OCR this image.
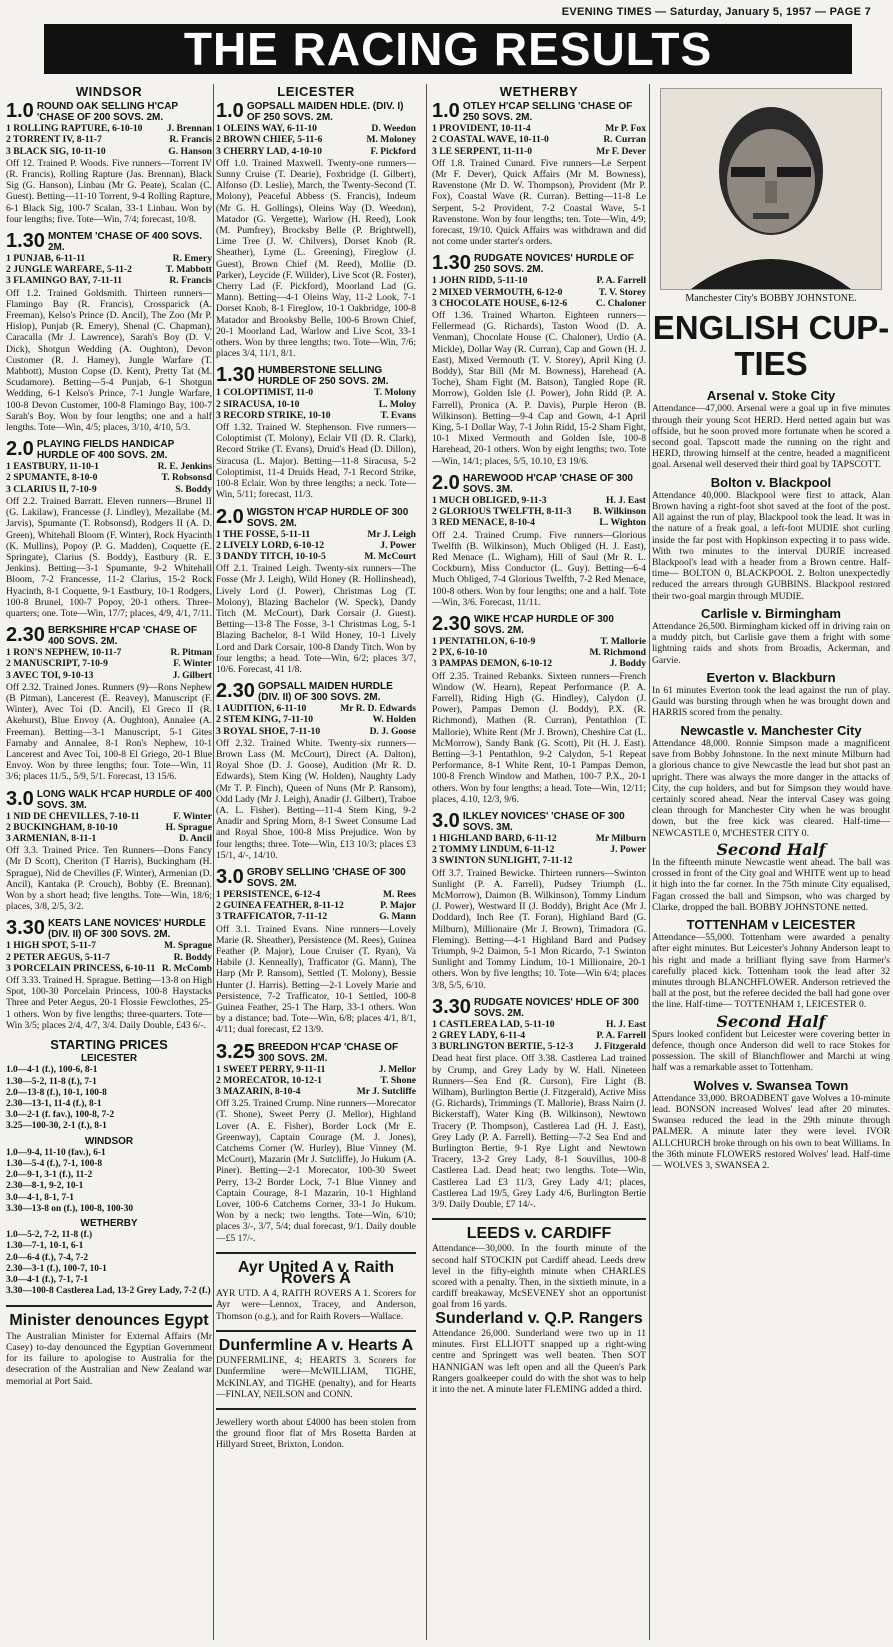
EVENING TIMES — Saturday, January 5, 1957 — PAGE 7
THE RACING RESULTS
WINDSOR
1.0 ROUND OAK SELLING H'CAP 'CHASE OF 200 SOVS. 2M.
1 ROLLING RAPTURE, 6-10-10	J. Brennan
2 TORRENT IV, 8-11-7	R. Francis
3 BLACK SIG, 10-11-10	G. Hanson
Off 12. Trained P. Woods. Five runners—Torrent IV (R. Francis), Rolling Rapture (Jas. Brennan), Black Sig (G. Hanson), Linbau (Mr G. Peate), Scalan (C. Guest). Betting—11-10 Torrent, 9-4 Rolling Rapture, 6-1 Black Sig, 100-7 Scalan, 33-1 Linbau. Won by four lengths; five. Tote—Win, 7/4; forecast, 10/8.
1.30 MONTEM 'CHASE OF 400 SOVS. 2M.
1 PUNJAB, 6-11-11	R. Emery
2 JUNGLE WARFARE, 5-11-2	T. Mabbott
3 FLAMINGO BAY, 7-11-11	R. Francis
Off 1.2. Trained Goldsmith. Thirteen runners—Flamingo Bay (R. Francis), Crossparick (A. Freeman), Kelso's Prince (D. Ancil), The Zoo (Mr P. Hislop), Punjab (R. Emery), Shenal (C. Chapman), Caracalla (Mr J. Lawrence), Sarah's Boy (D. V. Dick), Shotgun Wedding (A. Oughton), Devon Customer (R. J. Hamey), Jungle Warfare (T. Mabbott), Muston Copse (D. Kent), Pretty Tat (M. Scudamore). Betting—5-4 Punjab, 6-1 Shotgun Wedding, 6-1 Kelso's Prince, 7-1 Jungle Warfare, 100-8 Devon Customer, 100-8 Flamingo Bay, 100-7 Sarah's Boy. Won by four lengths; one and a half lengths. Tote—Win, 4/5; places, 3/10, 4/10, 5/3.
2.0 PLAYING FIELDS HANDICAP HURDLE OF 400 SOVS. 2M.
1 EASTBURY, 11-10-1	R. E. Jenkins
2 SPUMANTE, 8-10-0	T. Robsonsd
3 CLARIUS II, 7-10-9	S. Boddy
Off 2.2. Trained Barratt. Eleven runners—Brunel II (G. Lakilaw), Francesse (J. Lindley), Mezallabe (M. Jarvis), Spumante (T. Robsonsd), Rodgers II (A. D. Green), Whitehall Bloom (F. Winter), Rock Hyacinth (K. Mullins), Popoy (P. G. Madden), Coquette (E. Springate), Clarius (S. Boddy), Eastbury (R. E. Jenkins). Betting—3-1 Spumante, 9-2 Whitehall Bloom, 7-2 Francesse, 11-2 Clarius, 15-2 Rock Hyacinth, 8-1 Coquette, 9-1 Eastbury, 10-1 Rodgers, 100-8 Brunel, 100-7 Popoy, 20-1 others. Three-quarters; one. Tote—Win, 17/7; places, 4/9, 4/1, 7/11.
2.30 BERKSHIRE H'CAP 'CHASE OF 400 SOVS. 2M.
1 RON'S NEPHEW, 10-11-7	R. Pitman
2 MANUSCRIPT, 7-10-9	F. Winter
3 AVEC TOI, 9-10-13	J. Gilbert
Off 2.32. Trained Jones. Runners (9)—Rons Nephew (B Pitman), Lancerest (E. Reavey), Manuscript (F. Winter), Avec Toi (D. Ancil), El Greco II (R. Akehurst), Blue Envoy (A. Oughton), Annalee (A. Freeman). Betting—3-1 Manuscript, 5-1 Gites Farnaby and Annalee, 8-1 Ron's Nephew, 10-1 Lancerest and Avec Toi, 100-8 El Griego, 20-1 Blue Envoy. Won by three lengths; four. Tote—Win, 11 3/6; places 11/5., 5/9, 5/1. Forecast, 13 15/6.
3.0 LONG WALK H'CAP HURDLE OF 400 SOVS. 3M.
1 NID DE CHEVILLES, 7-10-11	F. Winter
2 BUCKINGHAM, 8-10-10	H. Sprague
3 ARMENIAN, 8-11-1	D. Ancil
Off 3.3. Trained Price. Ten Runners—Dons Fancy (Mr D Scott), Cheriton (T Harris), Buckingham (H. Sprague), Nid de Chevilles (F. Winter), Armenian (D. Ancil), Kantaka (P. Crouch), Bobby (E. Brennan). Won by a short head; five lengths. Tote—Win, 18/6; places, 3/8, 2/5, 3/2.
3.30 KEATS LANE NOVICES' HURDLE (DIV. II) OF 300 SOVS. 2M.
1 HIGH SPOT, 5-11-7	M. Sprague
2 PETER AEGUS, 5-11-7	R. Boddy
3 PORCELAIN PRINCESS, 6-10-11 R. McComb
Off 3.33. Trained H. Sprague. Betting—13-8 on High Spot, 100-30 Porcelain Princess, 100-8 Haystacks Three and Peter Aegus, 20-1 Flossie Fewclothes, 25-1 others. Won by five lengths; three-quarters. Tote—Win 3/5; places 2/4, 4/7, 3/4. Daily Double, £43 6/-.
STARTING PRICES
LEICESTER
1.0—4-1 (f.), 100-6, 8-1
1.30—5-2, 11-8 (f.), 7-1
2.0—13-8 (f.), 10-1, 100-8
2.30—13-1, 11-4 (f.), 8-1
3.0—2-1 (f. fav.), 100-8, 7-2
3.25—100-30, 2-1 (f.), 8-1
WINDSOR
1.0—9-4, 11-10 (fav.), 6-1
1.30—5-4 (f.), 7-1, 100-8
2.0—9-1, 3-1 (f.), 11-2
2.30—8-1, 9-2, 10-1
3.0—4-1, 8-1, 7-1
3.30—13-8 on (f.), 100-8, 100-30
WETHERBY
1.0—5-2, 7-2, 11-8 (f.)
1.30—7-1, 10-1, 6-1
2.0—6-4 (f.), 7-4, 7-2
2.30—3-1 (f.), 100-7, 10-1
3.0—4-1 (f.), 7-1, 7-1
3.30—100-8 Castlerea Lad, 13-2 Grey Lady, 7-2 (f.)
Minister denounces Egypt
The Australian Minister for External Affairs (Mr Casey) to-day denounced the Egyptian Government for its failure to apologise to Australia for the desecration of the Australian and New Zealand war memorial at Port Said.
LEICESTER
1.0 GOPSALL MAIDEN HDLE. (DIV. I) OF 250 SOVS. 2M.
1 OLEINS WAY, 6-11-10	D. Weedon
2 BROWN CHIEF, 5-11-6	M. Moloney
3 CHERRY LAD, 4-10-10	F. Pickford
Off 1.0. Trained Maxwell. Twenty-one runners—Sunny Cruise (T. Dearie), Foxbridge (I. Gilbert), Alfonso (D. Leslie), March, the Twenty-Second (T. Molony), Peaceful Abbess (S. Francis), Indeum (Mr G. H. Gollings), Oleins Way (D. Weedon), Matador (G. Vergette), Warlow (H. Reed), Look (M. Pumfrey), Brocksby Belle (P. Brightwell), Lime Tree (J. W. Chilvers), Dorset Knob (R. Sheather), Lyme (L. Greening), Fireglow (J. Guest), Brown Chief (M. Reed), Mollie (D. Parker), Leycide (F. Willder), Live Scot (R. Foster), Cherry Lad (F. Pickford), Moorland Lad (G. Mann). Betting—4-1 Oleins Way, 11-2 Look, 7-1 Dorset Knob, 8-1 Fireglow, 10-1 Oakbridge, 100-8 Matador and Brooksby Belle, 100-6 Brown Chief, 20-1 Moorland Lad, Warlow and Live Scot, 33-1 others. Won by three lengths; two. Tote—Win, 7/6; places 3/4, 11/1, 8/1.
1.30 HUMBERSTONE SELLING HURDLE OF 250 SOVS. 2M.
1 COLOPTIMIST, 11-0	T. Molony
2 SIRACUSA, 10-10	L. Moloy
3 RECORD STRIKE, 10-10	T. Evans
Off 1.32. Trained W. Stephenson. Five runners—Coloptimist (T. Molony), Eclair VII (D. R. Clark), Record Strike (T. Evans), Druid's Head (D. Dillon), Siracusa (L. Major). Betting—11-8 Siracusa, 5-2 Coloptimist, 11-4 Druids Head, 7-1 Record Strike, 100-8 Eclair. Won by three lengths; a neck. Tote—Win, 5/11; forecast, 11/3.
2.0 WIGSTON H'CAP HURDLE OF 300 SOVS. 2M.
1 THE FOSSE, 5-11-11	Mr J. Leigh
2 LIVELY LORD, 6-10-12	J. Power
3 DANDY TITCH, 10-10-5	M. McCourt
Off 2.1. Trained Leigh. Twenty-six runners—The Fosse (Mr J. Leigh), Wild Honey (R. Hollinshead), Lively Lord (J. Power), Christmas Log (T. Molony), Blazing Bachelor (W. Speck), Dandy Titch (M. McCourt), Dark Corsair (J. Guest). Betting—13-8 The Fosse, 3-1 Christmas Log, 5-1 Blazing Bachelor, 8-1 Wild Honey, 10-1 Lively Lord and Dark Corsair, 100-8 Dandy Titch. Won by four lengths; a head. Tote—Win, 6/2; places 3/7, 10/6. Forecast, 41 1/8.
2.30 GOPSALL MAIDEN HURDLE (DIV. II) OF 300 SOVS. 2M.
1 AUDITION, 6-11-10	Mr R. D. Edwards
2 STEM KING, 7-11-10	W. Holden
3 ROYAL SHOE, 7-11-10	D. J. Goose
Off 2.32. Trained White. Twenty-six runners—Brown Lass (M. McCourt), Direct (A. Dalton), Royal Shoe (D. J. Goose), Audition (Mr R. D. Edwards), Stem King (W. Holden), Naughty Lady (Mr T. P. Finch), Queen of Nuns (Mr P. Ransom), Odd Lady (Mr J. Leigh), Anadir (J. Gilbert), Traboe (A. L. Fisher). Betting—11-4 Stem King, 9-2 Anadir and Spring Morn, 8-1 Sweet Consume Lad and Royal Shoe, 100-8 Miss Prejudice. Won by four lengths; three. Tote—Win, £13 10/3; places £3 15/1, 4/-, 14/10.
3.0 GROBY SELLING 'CHASE OF 300 SOVS. 2M.
1 PERSISTENCE, 6-12-4	M. Rees
2 GUINEA FEATHER, 8-11-12	P. Major
3 TRAFFICATOR, 7-11-12	G. Mann
Off 3.1. Trained Evans. Nine runners—Lovely Marie (R. Sheather), Persistence (M. Rees), Guinea Feather (P. Major), Loue Cruiser (T. Ryan), Va Habile (J. Kenneally), Trafficator (G. Mann), The Harp (Mr P. Ransom), Settled (T. Molony), Bessie Hunter (J. Harris). Betting—2-1 Lovely Marie and Persistence, 7-2 Trafficator, 10-1 Settled, 100-8 Guinea Feather, 25-1 The Harp, 33-1 others. Won by a distance; bad. Tote—Win, 6/8; places 4/1, 8/1, 4/11; dual forecast, £2 13/9.
3.25 BREEDON H'CAP 'CHASE OF 300 SOVS. 2M.
1 SWEET PERRY, 9-11-11	J. Mellor
2 MORECATOR, 10-12-1	T. Shone
3 MAZARIN, 8-10-4	Mr J. Sutcliffe
Off 3.25. Trained Crump. Nine runners—Morecator (T. Shone), Sweet Perry (J. Mellor), Highland Lover (A. E. Fisher), Border Lock (Mr E. Greenway), Captain Courage (M. J. Jones), Catchems Corner (W. Hurley), Blue Vinney (M. McCourt), Mazarin (Mr J. Sutcliffe), Jo Hukum (A. Piner). Betting—2-1 Morecator, 100-30 Sweet Perry, 13-2 Border Lock, 7-1 Blue Vinney and Captain Courage, 8-1 Mazarin, 10-1 Highland Lover, 100-6 Catchems Corner, 33-1 Jo Hukum. Won by a neck; two lengths. Tote—Win, 6/10; places 3/-, 3/7, 5/4; dual forecast, 9/1. Daily double—£5 17/-.
Ayr United A v. Raith Rovers A
AYR UTD. A 4, RAITH ROVERS A 1. Scorers for Ayr were—Lennox, Tracey, and Anderson, Thomson (o.g.), and for Raith Rovers—Wallace.
Dunfermline A v. Hearts A
DUNFERMLINE, 4; HEARTS 3. Scorers for Dunfermline were—McWILLIAM, TIGHE, McKINLAY, and TIGHE (penalty), and for Hearts—FINLAY, NEILSON and CONN.
Jewellery worth about £4000 has been stolen from the ground floor flat of Mrs Rosetta Barden at Hillyard Street, Brixton, London.
WETHERBY
1.0 OTLEY H'CAP SELLING 'CHASE OF 250 SOVS. 2M.
1 PROVIDENT, 10-11-4	Mr P. Fox
2 COASTAL WAVE, 10-11-0	R. Curran
3 LE SERPENT, 11-11-0	Mr F. Dever
Off 1.8. Trained Cunard. Five runners—Le Serpent (Mr F. Dever), Quick Affairs (Mr M. Bowness), Ravenstone (Mr D. W. Thompson), Provident (Mr P. Fox), Coastal Wave (R. Curran). Betting—11-8 Le Serpent, 5-2 Provident, 7-2 Coastal Wave, 5-1 Ravenstone. Won by four lengths; ten. Tote—Win, 4/9; forecast, 19/10. Quick Affairs was withdrawn and did not come under starter's orders.
1.30 RUDGATE NOVICES' HURDLE OF 250 SOVS. 2M.
1 JOHN RIDD, 5-11-10	P. A. Farrell
2 MIXED VERMOUTH, 6-12-0	T. V. Storey
3 CHOCOLATE HOUSE, 6-12-6	C. Chaloner
Off 1.36. Trained Wharton. Eighteen runners—Fellermead (G. Richards), Taston Wood (D. A. Venman), Chocolate House (C. Chaloner), Urdio (A. Mickle), Dollar Way (R. Curran), Cap and Gown (H. J. East), Mixed Vermouth (T. V. Storey), April King (J. Boddy), Star Bill (Mr M. Bowness), Harehead (A. Toche), Sham Fight (M. Batson), Tangled Rope (R. Morrow), Golden Isle (J. Power), John Ridd (P. A. Farrell), Pronica (A. P. Davis), Purple Heron (B. Wilkinson). Betting—9-4 Cap and Gown, 4-1 April King, 5-1 Dollar Way, 7-1 John Ridd, 15-2 Sham Fight, 10-1 Mixed Vermouth and Golden Isle, 100-8 Harehead, 20-1 others. Won by eight lengths; two. Tote—Win, 14/1; places, 5/5, 10.10, £3 19/6.
2.0 HAREWOOD H'CAP 'CHASE OF 300 SOVS. 3M.
1 MUCH OBLIGED, 9-11-3	H. J. East
2 GLORIOUS TWELFTH, 8-11-3 B. Wilkinson
3 RED MENACE, 8-10-4	L. Wighton
Off 2.4. Trained Crump. Five runners—Glorious Twelfth (B. Wilkinson), Much Obliged (H. J. East), Red Menace (L. Wigham), Hill of Saul (Mr R. L. Cockburn), Miss Conductor (L. Guy). Betting—6-4 Much Obliged, 7-4 Glorious Twelfth, 7-2 Red Menace, 100-8 others. Won by four lengths; one and a half. Tote—Win, 3/6. Forecast, 11/11.
2.30 WIKE H'CAP HURDLE OF 300 SOVS. 2M.
1 PENTATHLON, 6-10-9	T. Mallorie
2 PX, 6-10-10	M. Richmond
3 PAMPAS DEMON, 6-10-12	J. Boddy
Off 2.35. Trained Rebanks. Sixteen runners—French Window (W. Hearn), Repeat Performance (P. A. Farrell), Riding High (G. Hindley), Calydon (J. Power), Pampas Demon (J. Boddy), P.X. (R. Richmond), Mathen (R. Curran), Pentathlon (T. Mallorie), White Rent (Mr J. Brown), Cheshire Cat (L. McMorrow), Sandy Bank (G. Scott), Pit (H. J. East). Betting—3-1 Pentathlon, 9-2 Calydon, 5-1 Repeat Performance, 8-1 White Rent, 10-1 Pampas Demon, 100-8 French Window and Mathen, 100-7 P.X., 20-1 others. Won by four lengths; a head. Tote—Win, 12/11; places, 4.10, 12/3, 9/6.
3.0 ILKLEY NOVICES' 'CHASE OF 300 SOVS. 3M.
1 HIGHLAND BARD, 6-11-12	Mr Milburn
2 TOMMY LINDUM, 6-11-12	J. Power
3 SWINTON SUNLIGHT, 7-11-12
Off 3.7. Trained Bewicke. Thirteen runners—Swinton Sunlight (P. A. Farrell), Pudsey Triumph (L. McMorrow), Daimon (B. Wilkinson), Tommy Lindum (J. Power), Westward II (J. Boddy), Bright Ace (Mr J. Doddard), Inch Ree (T. Foran), Highland Bard (G. Milburn), Millionaire (Mr J. Brown), Trimadora (G. Fleming). Betting—4-1 Highland Bard and Pudsey Triumph, 9-2 Daimon, 5-1 Mon Ricardo, 7-1 Swinton Sunlight and Tommy Lindum, 10-1 Millionaire, 20-1 others. Won by five lengths; 10. Tote—Win 6/4; places 3/8, 5/5, 6/10.
3.30 RUDGATE NOVICES' HDLE OF 300 SOVS. 2M.
1 CASTLEREA LAD, 5-11-10	H. J. East
2 GREY LADY, 6-11-4	P. A. Farrell
3 BURLINGTON BERTIE, 5-12-3 J. Fitzgerald
Dead heat first place. Off 3.38. Castlerea Lad trained by Crump, and Grey Lady by W. Hall. Nineteen Runners—Sea End (R. Curson), Fire Light (B. Wilham), Burlington Bertie (J. Fitzgerald), Active Miss (G. Richards), Trimmings (T. Mallorie), Brass Nairn (J. Bickerstaff), Water King (B. Wilkinson), Newtown Tracery (P. Thompson), Castlerea Lad (H. J. East), Grey Lady (P. A. Farrell). Betting—7-2 Sea End and Burlington Bertie, 9-1 Rye Light and Newtown Tracery, 13-2 Grey Lady, 8-1 Souvillus, 100-8 Castlerea Lad. Dead heat; two lengths. Tote—Win, Castlerea Lad £3 11/3, Grey Lady 4/1; places, Castlerea Lad 19/5, Grey Lady 4/6, Burlington Bertie 3/9. Daily Double, £7 14/-.
LEEDS v. CARDIFF
Attendance—30,000. In the fourth minute of the second half STOCKIN put Cardiff ahead. Leeds drew level in the fifty-eighth minute when CHARLES scored with a penalty. Then, in the sixtieth minute, in a cardiff breakaway, McSEVENEY shot an opportunist goal from 16 yards.
Sunderland v. Q.P. Rangers
Attendance 26,000. Sunderland were two up in 11 minutes. First ELLIOTT snapped up a right-wing centre and Springett was well beaten. Then SOT HANNIGAN was left open and all the Queen's Park Rangers goalkeeper could do with the shot was to help it into the net. A minute later FLEMING added a third.
Manchester City's BOBBY JOHNSTONE.
ENGLISH CUP-TIES
Arsenal v. Stoke City
Attendance—47,000. Arsenal were a goal up in five minutes through their young Scot HERD. Herd netted again but was offside, but he soon proved more fortunate when he scored a second goal. Tapscott made the running on the right and HERD, throwing himself at the centre, headed a magnificent goal. Arsenal well deserved their third goal by TAPSCOTT.
Bolton v. Blackpool
Attendance 40,000. Blackpool were first to attack, Alan Brown having a right-foot shot saved at the foot of the post. All against the run of play, Blackpool took the lead. It was in the nature of a freak goal, a left-foot MUDIE shot curling inside the far post with Hopkinson expecting it to pass wide. With two minutes to the interval DURIE increased Blackpool's lead with a header from a Brown centre. Half-time— BOLTON 0, BLACKPOOL 2. Bolton unexpectedly reduced the arrears through GUBBINS. Blackpool restored their two-goal margin through MUDIE.
Carlisle v. Birmingham
Attendance 26,500. Birmingham kicked off in driving rain on a muddy pitch, but Carlisle gave them a fright with some lightning raids and shots from Broadis, Ackerman, and Garvie.
Everton v. Blackburn
In 61 minutes Everton took the lead against the run of play. Gauld was bursting through when he was brought down and HARRIS scored from the penalty.
Newcastle v. Manchester City
Attendance 48,000. Ronnie Simpson made a magnificent save from Bobby Johnstone. In the next minute Milburn had a glorious chance to give Newcastle the lead but shot past an upright. There was always the more danger in the attacks of City, the cup holders, and but for Simpson they would have certainly scored ahead. Near the interval Casey was going clean through for Manchester City when he was brought down, but the free kick was cleared. Half-time— NEWCASTLE 0, M'CHESTER CITY 0.
Second Half
In the fifteenth minute Newcastle went ahead. The ball was crossed in front of the City goal and WHITE went up to head it high into the far corner. In the 75th minute City equalised, Fagan crossed the ball and Simpson, who was charged by Clarke, dropped the ball. BOBBY JOHNSTONE netted.
TOTTENHAM v LEICESTER
Attendance—55,000. Tottenham were awarded a penalty after eight minutes. But Leicester's Johnny Anderson leapt to his right and made a brilliant flying save from Harmer's carefully placed kick. Tottenham took the lead after 32 minutes through BLANCHFLOWER. Anderson retrieved the ball at the post, but the referee decided the ball had gone over the line. Half-time— TOTTENHAM 1, LEICESTER 0.
Second Half
Spurs looked confident but Leicester were covering better in defence, though once Anderson did well to race Stokes for possession. The skill of Blanchflower and Marchi at wing half was a remarkable asset to Tottenham.
Wolves v. Swansea Town
Attendance 33,000. BROADBENT gave Wolves a 10-minute lead. BONSON increased Wolves' lead after 20 minutes. Swansea reduced the lead in the 29th minute through PALMER. A minute later they were level. IVOR ALLCHURCH broke through on his own to beat Williams. In the 36th minute FLOWERS restored Wolves' lead. Half-time— WOLVES 3, SWANSEA 2.
